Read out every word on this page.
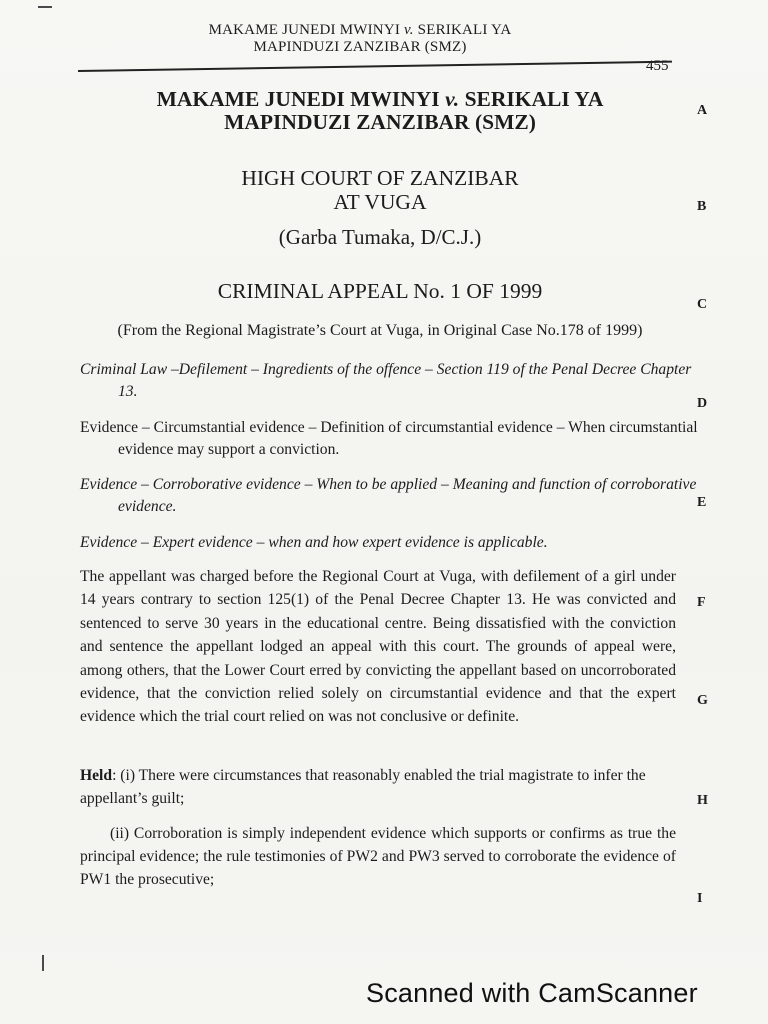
MAKAME JUNEDI MWINYI v. SERIKALI YA
MAPINDUZI ZANZIBAR (SMZ)
455
MAKAME JUNEDI MWINYI v. SERIKALI YA
MAPINDUZI ZANZIBAR (SMZ)
HIGH COURT OF ZANZIBAR
AT VUGA
(Garba Tumaka, D/C.J.)
CRIMINAL APPEAL No. 1 OF 1999
(From the Regional Magistrate’s Court at Vuga, in Original Case No.178 of 1999)
Criminal Law –Defilement – Ingredients of the offence – Section 119 of the Penal Decree Chapter 13.
Evidence – Circumstantial evidence – Definition of circumstantial evidence – When circumstantial evidence may support a conviction.
Evidence – Corroborative evidence – When to be applied – Meaning and function of corroborative evidence.
Evidence – Expert evidence – when and how expert evidence is applicable.
The appellant was charged before the Regional Court at Vuga, with defilement of a girl under 14 years contrary to section 125(1) of the Penal Decree Chapter 13. He was convicted and sentenced to serve 30 years in the educational centre. Being dissatisfied with the conviction and sentence the appellant lodged an appeal with this court. The grounds of appeal were, among others, that the Lower Court erred by convicting the appellant based on uncorroborated evidence, that the conviction relied solely on circumstantial evidence and that the expert evidence which the trial court relied on was not conclusive or definite.
Held: (i) There were circumstances that reasonably enabled the trial magistrate to infer the appellant’s guilt;
(ii) Corroboration is simply independent evidence which supports or confirms as true the principal evidence; the rule testimonies of PW2 and PW3 served to corroborate the evidence of PW1 the prosecutive;
A
B
C
D
E
F
G
H
I
Scanned with CamScanner
